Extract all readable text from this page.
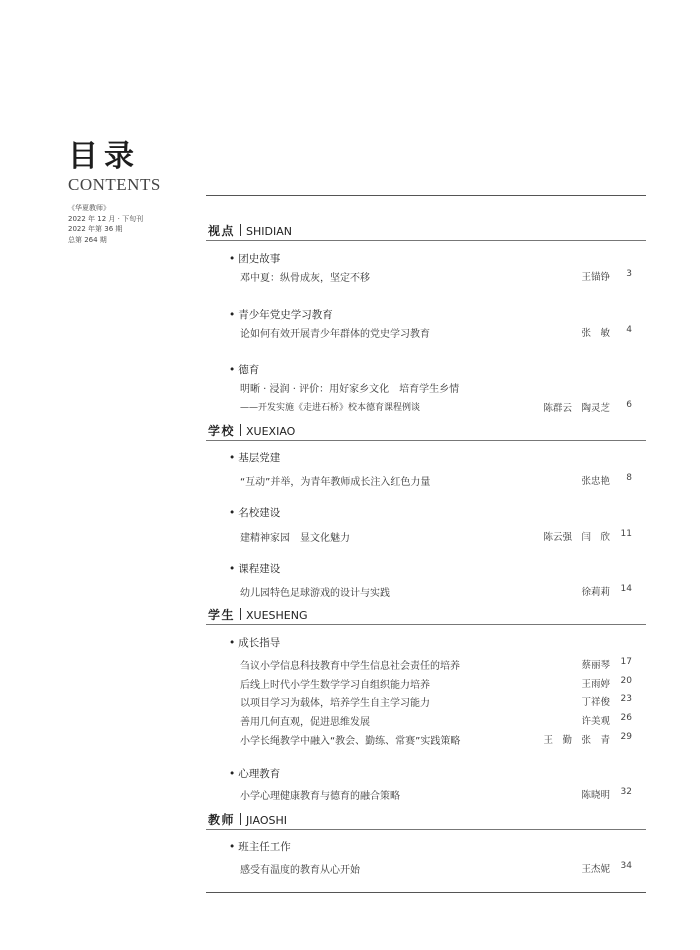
目录
CONTENTS
《华夏教师》
2022 年 12 月 · 下旬刊
2022 年第 36 期
总第 264 期
视点 SHIDIAN
• 团史故事
邓中夏：纵骨成灰，坚定不移	王锚铮	3
• 青少年党史学习教育
论如何有效开展青少年群体的党史学习教育	张　敏	4
• 德育
明晰 · 浸润 · 评价：用好家乡文化　培育学生乡情
——开发实施《走进石桥》校本德育课程例谈	陈群云　陶灵芝	6
学校 XUEXIAO
• 基层党建
“互动”并举，为青年教师成长注入红色力量	张忠艳	8
• 名校建设
建精神家园　显文化魅力	陈云强　闫　欣	11
• 课程建设
幼儿园特色足球游戏的设计与实践	徐莉莉	14
学生 XUESHENG
• 成长指导
刍议小学信息科技教育中学生信息社会责任的培养	蔡丽琴	17
后线上时代小学生数学学习自组织能力培养	王雨婷	20
以项目学习为载体，培养学生自主学习能力	丁祥俊	23
善用几何直观，促进思维发展	许美观	26
小学长绳教学中融入“教会、勤练、常赛”实践策略	王　勤　张　青	29
• 心理教育
小学心理健康教育与德育的融合策略	陈晓明	32
教师 JIAOSHI
• 班主任工作
感受有温度的教育从心开始	王杰妮	34
